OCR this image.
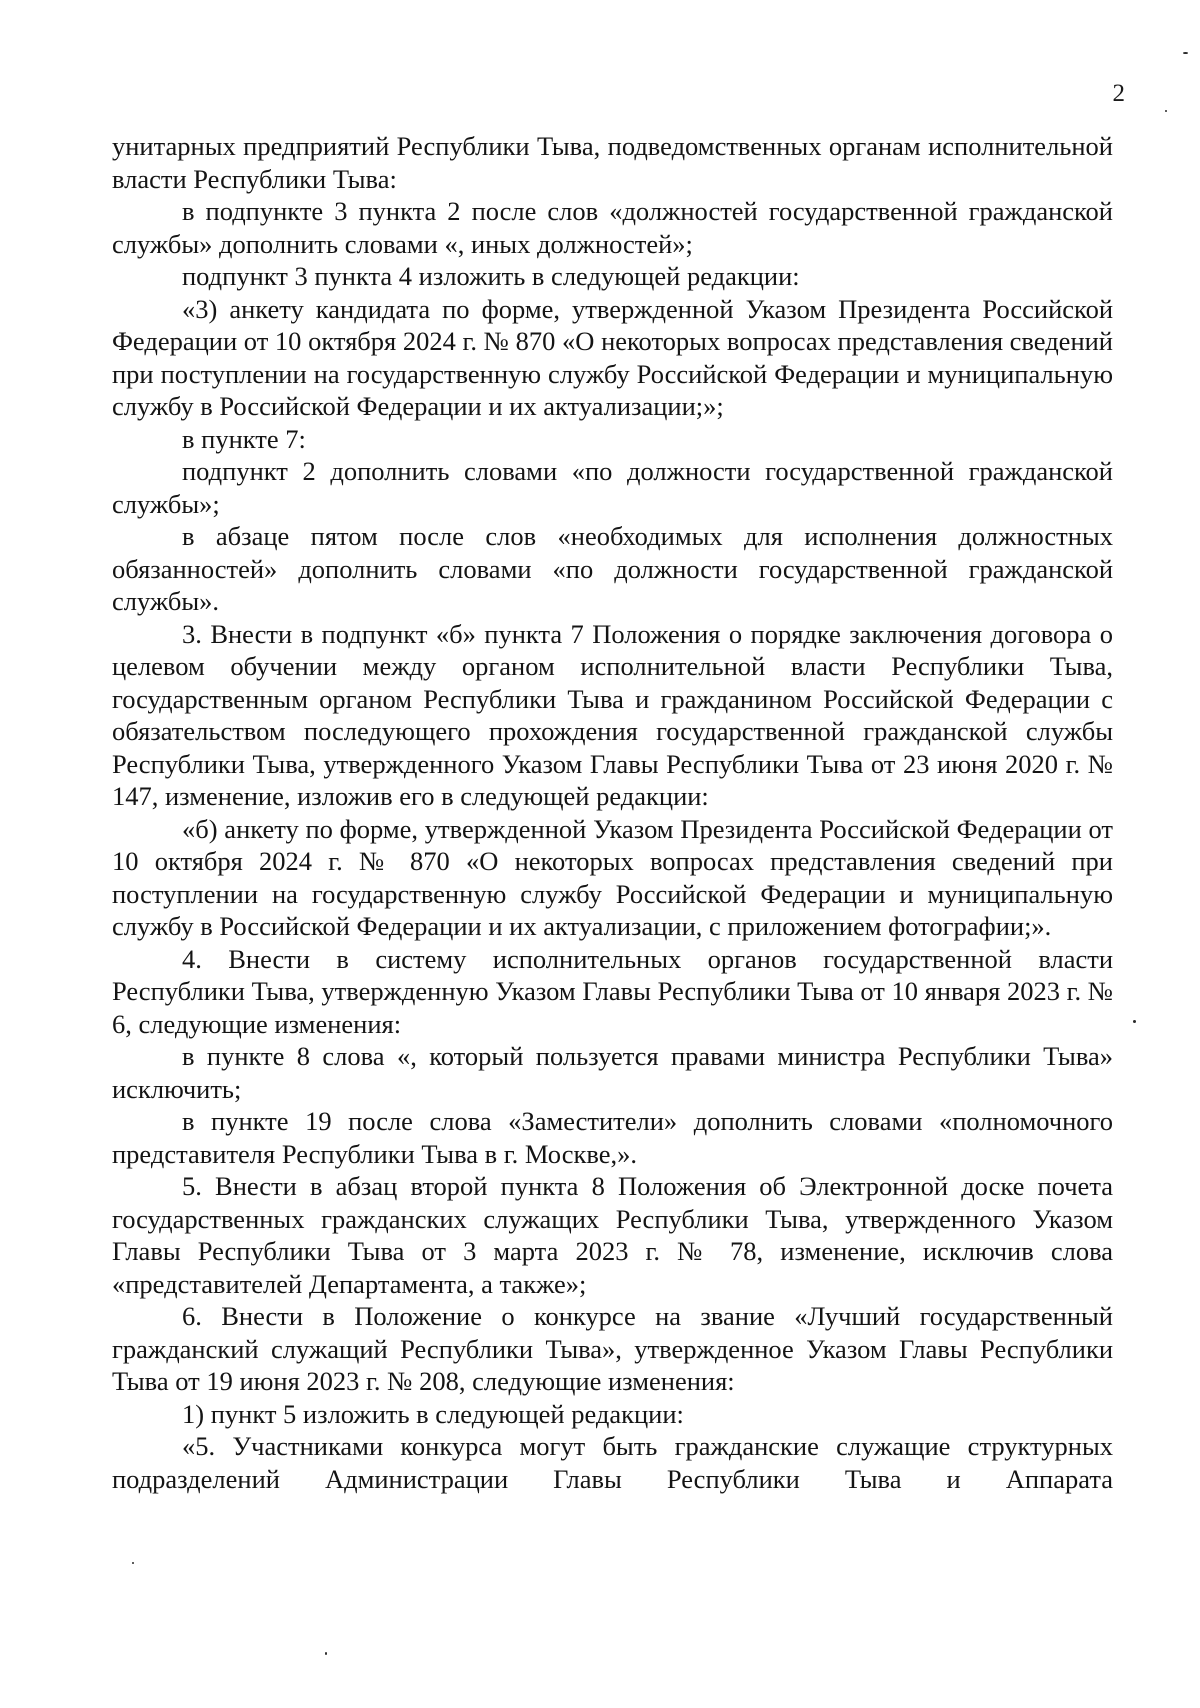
2

унитарных предприятий Республики Тыва, подведомственных органам исполнительной власти Республики Тыва:

в подпункте 3 пункта 2 после слов «должностей государственной гражданской службы» дополнить словами «, иных должностей»;

подпункт 3 пункта 4 изложить в следующей редакции:

«3) анкету кандидата по форме, утвержденной Указом Президента Российской Федерации от 10 октября 2024 г. № 870 «О некоторых вопросах представления сведений при поступлении на государственную службу Российской Федерации и муниципальную службу в Российской Федерации и их актуализации;»;

в пункте 7:

подпункт 2 дополнить словами «по должности государственной гражданской службы»;

в абзаце пятом после слов «необходимых для исполнения должностных обязанностей» дополнить словами «по должности государственной гражданской службы».

3. Внести в подпункт «б» пункта 7 Положения о порядке заключения договора о целевом обучении между органом исполнительной власти Республики Тыва, государственным органом Республики Тыва и гражданином Российской Федерации с обязательством последующего прохождения государственной гражданской службы Республики Тыва, утвержденного Указом Главы Республики Тыва от 23 июня 2020 г. № 147, изменение, изложив его в следующей редакции:

«б) анкету по форме, утвержденной Указом Президента Российской Федерации от 10 октября 2024 г. № 870 «О некоторых вопросах представления сведений при поступлении на государственную службу Российской Федерации и муниципальную службу в Российской Федерации и их актуализации, с приложением фотографии;».

4. Внести в систему исполнительных органов государственной власти Республики Тыва, утвержденную Указом Главы Республики Тыва от 10 января 2023 г. № 6, следующие изменения:

в пункте 8 слова «, который пользуется правами министра Республики Тыва» исключить;

в пункте 19 после слова «Заместители» дополнить словами «полномочного представителя Республики Тыва в г. Москве,».

5. Внести в абзац второй пункта 8 Положения об Электронной доске почета государственных гражданских служащих Республики Тыва, утвержденного Указом Главы Республики Тыва от 3 марта 2023 г. № 78, изменение, исключив слова «представителей Департамента, а также»;

6. Внести в Положение о конкурсе на звание «Лучший государственный гражданский служащий Республики Тыва», утвержденное Указом Главы Республики Тыва от 19 июня 2023 г. № 208, следующие изменения:

1) пункт 5 изложить в следующей редакции:

«5. Участниками конкурса могут быть гражданские служащие структурных подразделений Администрации Главы Республики Тыва и Аппарата
